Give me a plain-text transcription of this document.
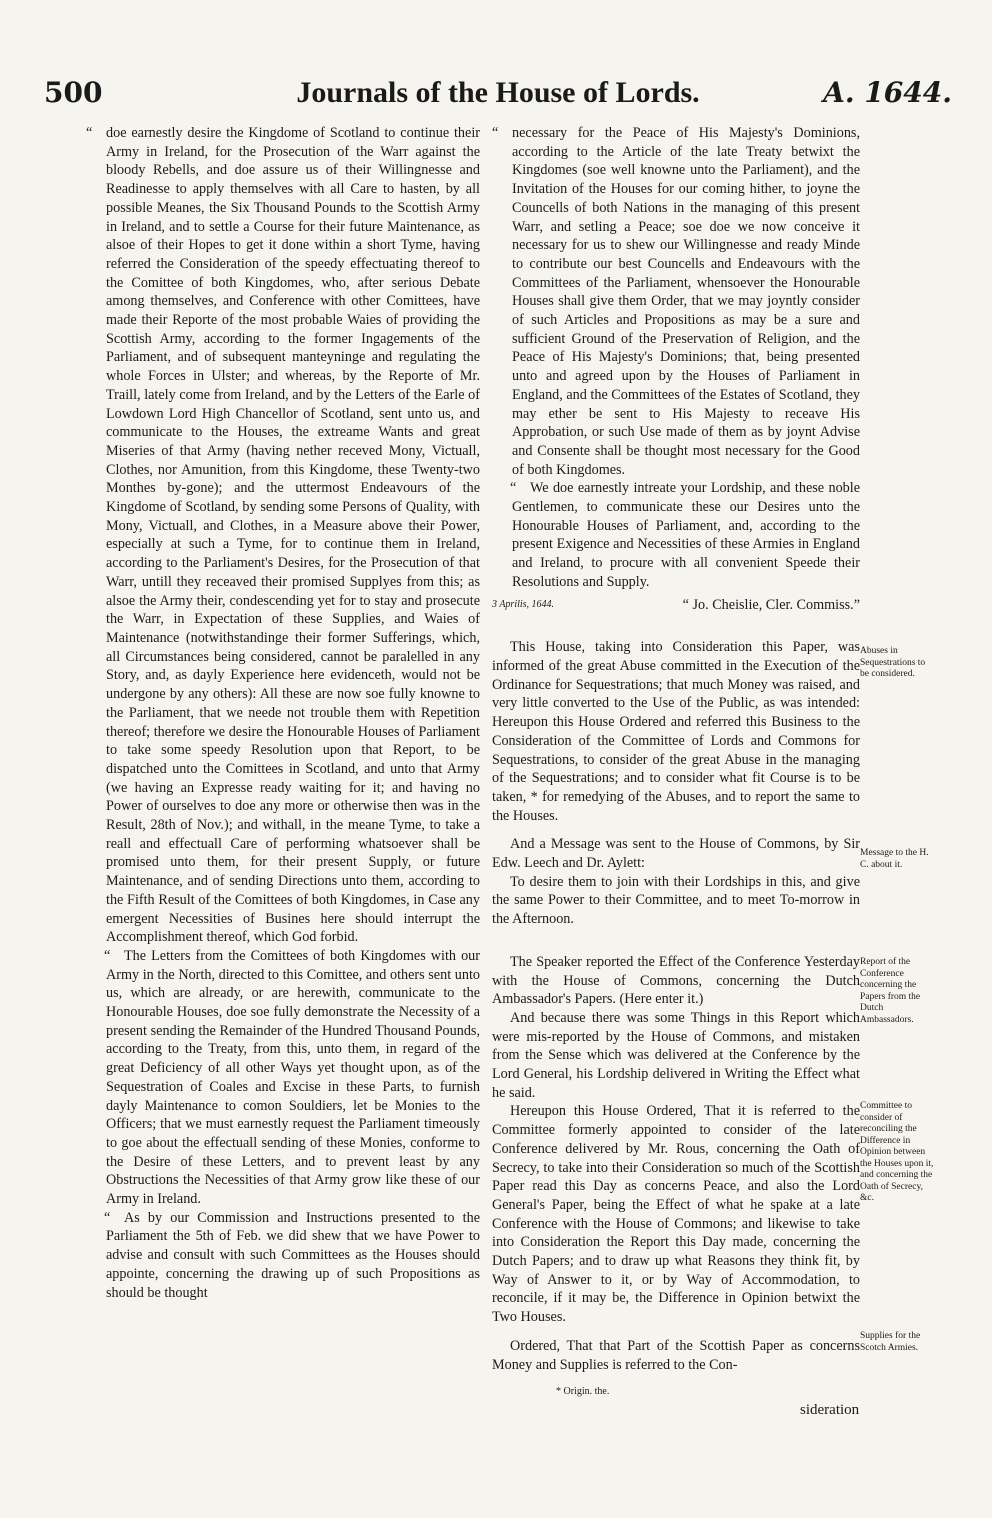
500	Journals of the House of Lords.	A. 1644.

“ doe earnestly desire the Kingdome of Scotland to continue their Army in Ireland, for the Prosecution of the Warr against the bloody Rebells, and doe assure us of their Willingnesse and Readinesse to apply themselves with all Care to hasten, by all possible Meanes, the Six Thousand Pounds to the Scottish Army in Ireland, and to settle a Course for their future Maintenance, as alsoe of their Hopes to get it done within a short Tyme, having referred the Consideration of the speedy effectuating thereof to the Comittee of both Kingdomes, who, after serious Debate among themselves, and Conference with other Comittees, have made their Reporte of the most probable Waies of providing the Scottish Army, according to the former Ingagements of the Parliament, and of subsequent manteyninge and regulating the whole Forces in Ulster; and whereas, by the Reporte of Mr. Traill, lately come from Ireland, and by the Letters of the Earle of Lowdown Lord High Chancellor of Scotland, sent unto us, and communicate to the Houses, the extreame Wants and great Miseries of that Army (having nether receved Mony, Victuall, Clothes, nor Amunition, from this Kingdome, these Twenty-two Monthes by-gone); and the uttermost Endeavours of the Kingdome of Scotland, by sending some Persons of Quality, with Mony, Victuall, and Clothes, in a Measure above their Power, especially at such a Tyme, for to continue them in Ireland, according to the Parliament's Desires, for the Prosecution of that Warr, untill they receaved their promised Supplyes from this; as alsoe the Army their, condescending yet for to stay and prosecute the Warr, in Expectation of these Supplies, and Waies of Maintenance (notwithstandinge their former Sufferings, which, all Circumstances being considered, cannot be paralelled in any Story, and, as dayly Experience here evidenceth, would not be undergone by any others): All these are now soe fully knowne to the Parliament, that we neede not trouble them with Repetition thereof; therefore we desire the Honourable Houses of Parliament to take some speedy Resolution upon that Report, to be dispatched unto the Comittees in Scotland, and unto that Army (we having an Expresse ready waiting for it; and having no Power of ourselves to doe any more or otherwise then was in the Result, 28th of Nov.); and withall, in the meane Tyme, to take a reall and effectuall Care of performing whatsoever shall be promised unto them, for their present Supply, or future Maintenance, and of sending Directions unto them, according to the Fifth Result of the Comittees of both Kingdomes, in Case any emergent Necessities of Busines here should interrupt the Accomplishment thereof, which God forbid.

“ The Letters from the Comittees of both Kingdomes with our Army in the North, directed to this Comittee, and others sent unto us, which are already, or are herewith, communicate to the Honourable Houses, doe soe fully demonstrate the Necessity of a present sending the Remainder of the Hundred Thousand Pounds, according to the Treaty, from this, unto them, in regard of the great Deficiency of all other Ways yet thought upon, as of the Sequestration of Coales and Excise in these Parts, to furnish dayly Maintenance to comon Souldiers, let be Monies to the Officers; that we must earnestly request the Parliament timeously to goe about the effectuall sending of these Monies, conforme to the Desire of these Letters, and to prevent least by any Obstructions the Necessities of that Army grow like these of our Army in Ireland.

“ As by our Commission and Instructions presented to the Parliament the 5th of Feb. we did shew that we have Power to advise and consult with such Committees as the Houses should appointe, concerning the drawing up of such Propositions as should be thought

“ necessary for the Peace of His Majesty's Dominions, according to the Article of the late Treaty betwixt the Kingdomes (soe well knowne unto the Parliament), and the Invitation of the Houses for our coming hither, to joyne the Councells of both Nations in the managing of this present Warr, and setling a Peace; soe doe we now conceive it necessary for us to shew our Willingnesse and ready Minde to contribute our best Councells and Endeavours with the Committees of the Parliament, whensoever the Honourable Houses shall give them Order, that we may joyntly consider of such Articles and Propositions as may be a sure and sufficient Ground of the Preservation of Religion, and the Peace of His Majesty's Dominions; that, being presented unto and agreed upon by the Houses of Parliament in England, and the Committees of the Estates of Scotland, they may ether be sent to His Majesty to receave His Approbation, or such Use made of them as by joynt Advise and Consente shall be thought most necessary for the Good of both Kingdomes.

“ We doe earnestly intreate your Lordship, and these noble Gentlemen, to communicate these our Desires unto the Honourable Houses of Parliament, and, according to the present Exigence and Necessities of these Armies in England and Ireland, to procure with all convenient Speede their Resolutions and Supply.

3 Aprilis, 1644.	“ Jo. Cheislie, Cler. Commiss.”

This House, taking into Consideration this Paper, was informed of the great Abuse committed in the Execution of the Ordinance for Sequestrations; that much Money was raised, and very little converted to the Use of the Public, as was intended: Hereupon this House Ordered and referred this Business to the Consideration of the Committee of Lords and Commons for Sequestrations, to consider of the great Abuse in the managing of the Sequestrations; and to consider what fit Course is to be taken, * for remedying of the Abuses, and to report the same to the Houses.

And a Message was sent to the House of Commons, by Sir Edw. Leech and Dr. Aylett:

To desire them to join with their Lordships in this, and give the same Power to their Committee, and to meet To-morrow in the Afternoon.

The Speaker reported the Effect of the Conference Yesterday with the House of Commons, concerning the Dutch Ambassador's Papers. (Here enter it.)

And because there was some Things in this Report which were mis-reported by the House of Commons, and mistaken from the Sense which was delivered at the Conference by the Lord General, his Lordship delivered in Writing the Effect what he said.

Hereupon this House Ordered, That it is referred to the Committee formerly appointed to consider of the late Conference delivered by Mr. Rous, concerning the Oath of Secrecy, to take into their Consideration so much of the Scottish Paper read this Day as concerns Peace, and also the Lord General's Paper, being the Effect of what he spake at a late Conference with the House of Commons; and likewise to take into Consideration the Report this Day made, concerning the Dutch Papers; and to draw up what Reasons they think fit, by Way of Answer to it, or by Way of Accommodation, to reconcile, if it may be, the Difference in Opinion betwixt the Two Houses.

Ordered, That that Part of the Scottish Paper as concerns Money and Supplies is referred to the Con-

Abuses in Sequestrations to be considered.
Message to the H. C. about it.
Report of the Conference concerning the Papers from the Dutch Ambassadors.
Committee to consider of reconciling the Difference in Opinion between the Houses upon it, and concerning the Oath of Secrecy, &c.
Supplies for the Scotch Armies.
* Origin. the.
sideration
